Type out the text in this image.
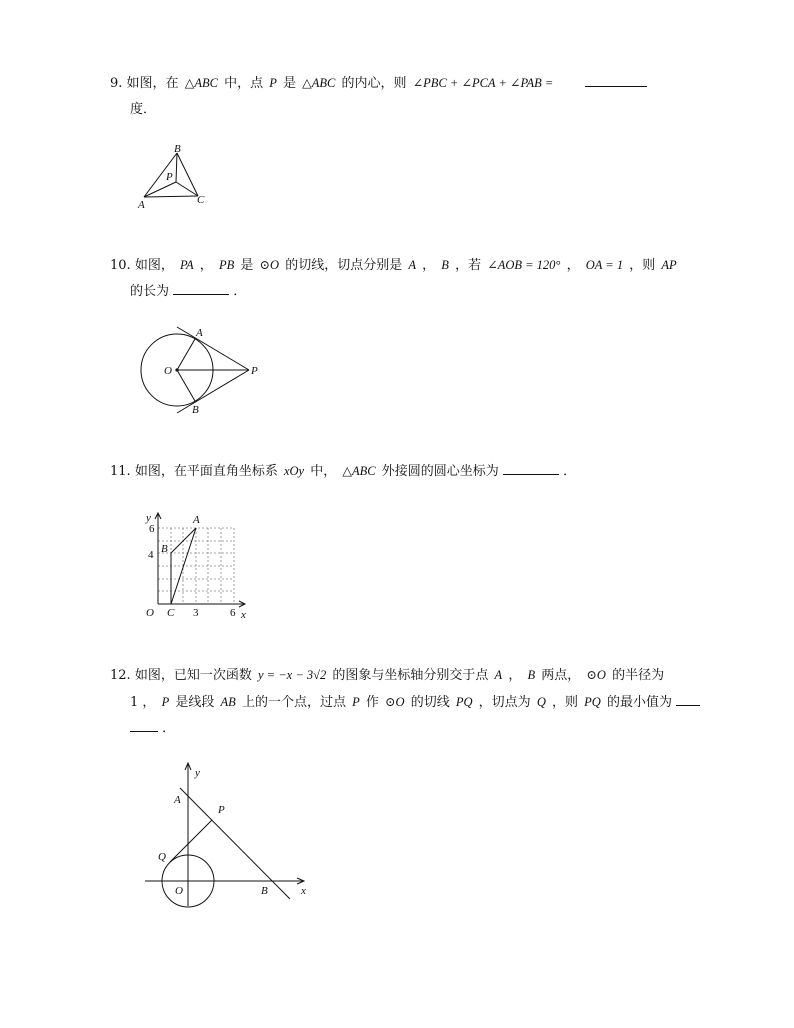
9. 如图，在 △ABC 中，点 P 是 △ABC 的内心，则 ∠PBC + ∠PCA + ∠PAB =
度．
B
P
A	C
10. 如图， PA ， PB 是 ⊙O 的切线，切点分别是 A ， B ，若 ∠AOB = 120° ， OA = 1 ，则 AP
的长为	．
O
A
B
P
11. 如图，在平面直角坐标系 xOy 中， △ABC 外接圆的圆心坐标为	．
y
6
4 B
A
O C 3	6 x
12. 如图，已知一次函数 y = −x − 3√2 的图象与坐标轴分别交于点 A ， B 两点， ⊙O 的半径为
1 ， P 是线段 AB 上的一个点，过点 P 作 ⊙O 的切线 PQ ，切点为 Q ，则 PQ 的最小值为
．
y
A
P
Q
O	B	x
